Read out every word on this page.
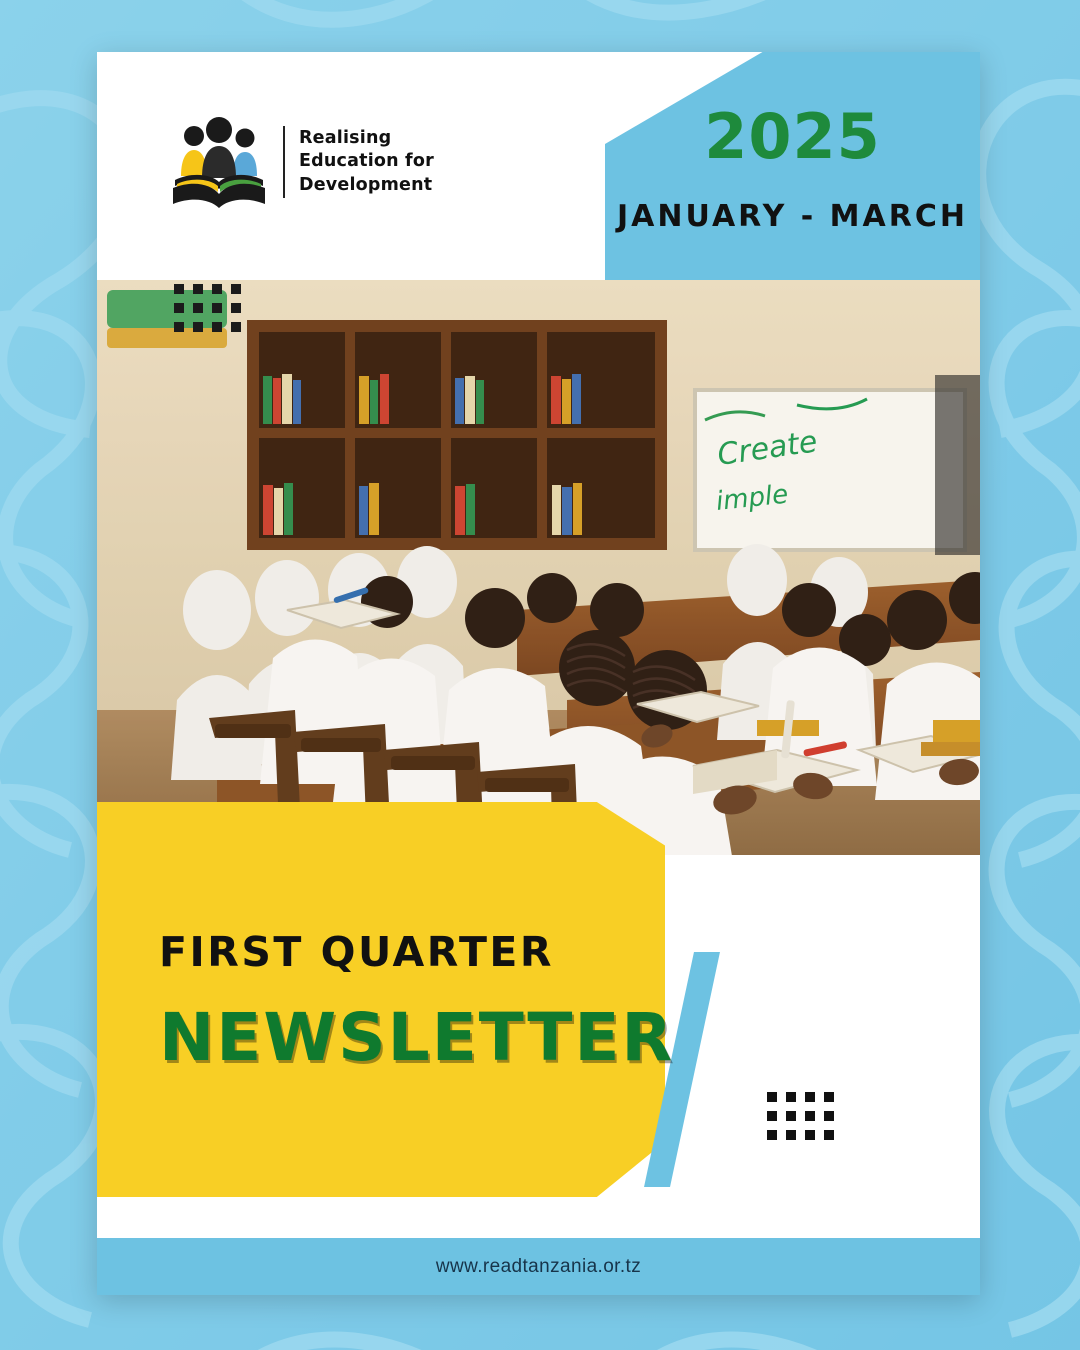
2025
JANUARY - MARCH
Realising
Education for
Development
Create
imple
FIRST QUARTER
NEWSLETTER
www.readtanzania.or.tz
